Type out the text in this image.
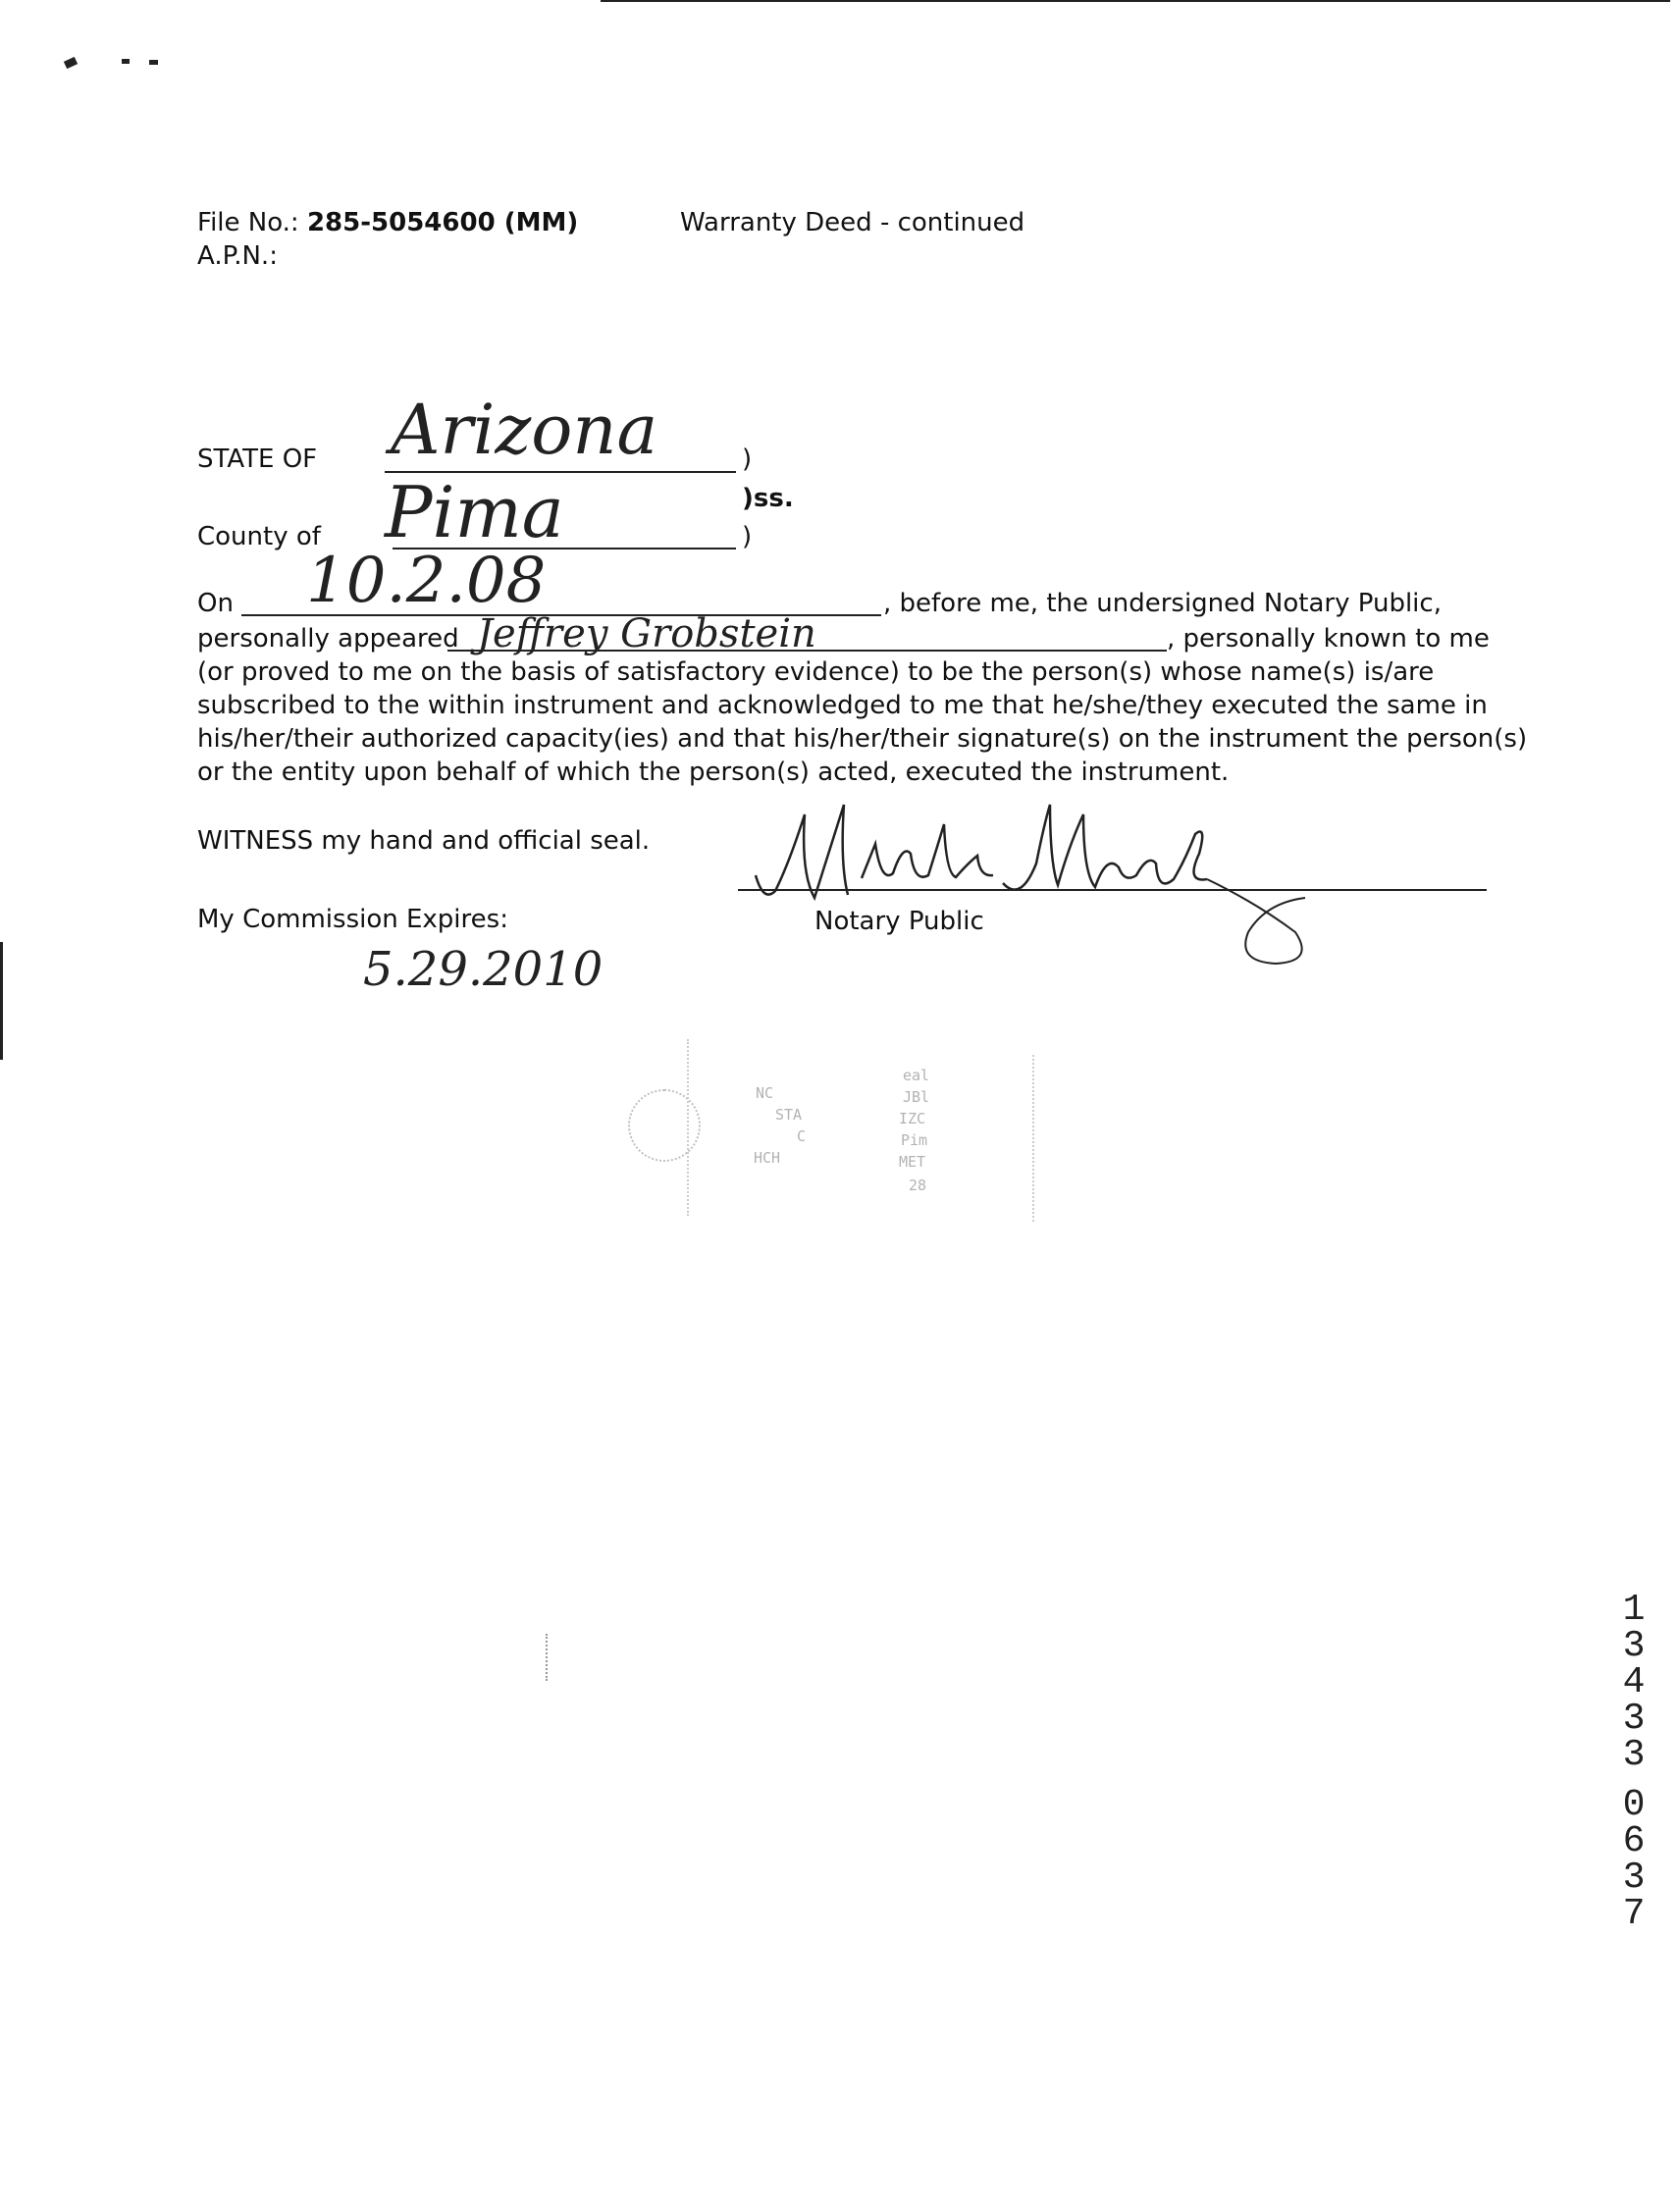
File No.: 285-5054600 (MM)	Warranty Deed - continued
A.P.N.:
STATE OF Arizona	)
)ss.
County of Pima	)
On 10.2.08	, before me, the undersigned Notary Public,
personally appeared Jeffrey Grobstein	, personally known to me
(or proved to me on the basis of satisfactory evidence) to be the person(s) whose name(s) is/are
subscribed to the within instrument and acknowledged to me that he/she/they executed the same in
his/her/their authorized capacity(ies) and that his/her/their signature(s) on the instrument the person(s)
or the entity upon behalf of which the person(s) acted, executed the instrument.
WITNESS my hand and official seal.
Notary Public
My Commission Expires:
5.29.2010
NC
STA
C
HCH
eal
JBl
IZC
Pim
MET
28
1
3
4
3
3
0
6
3
7
